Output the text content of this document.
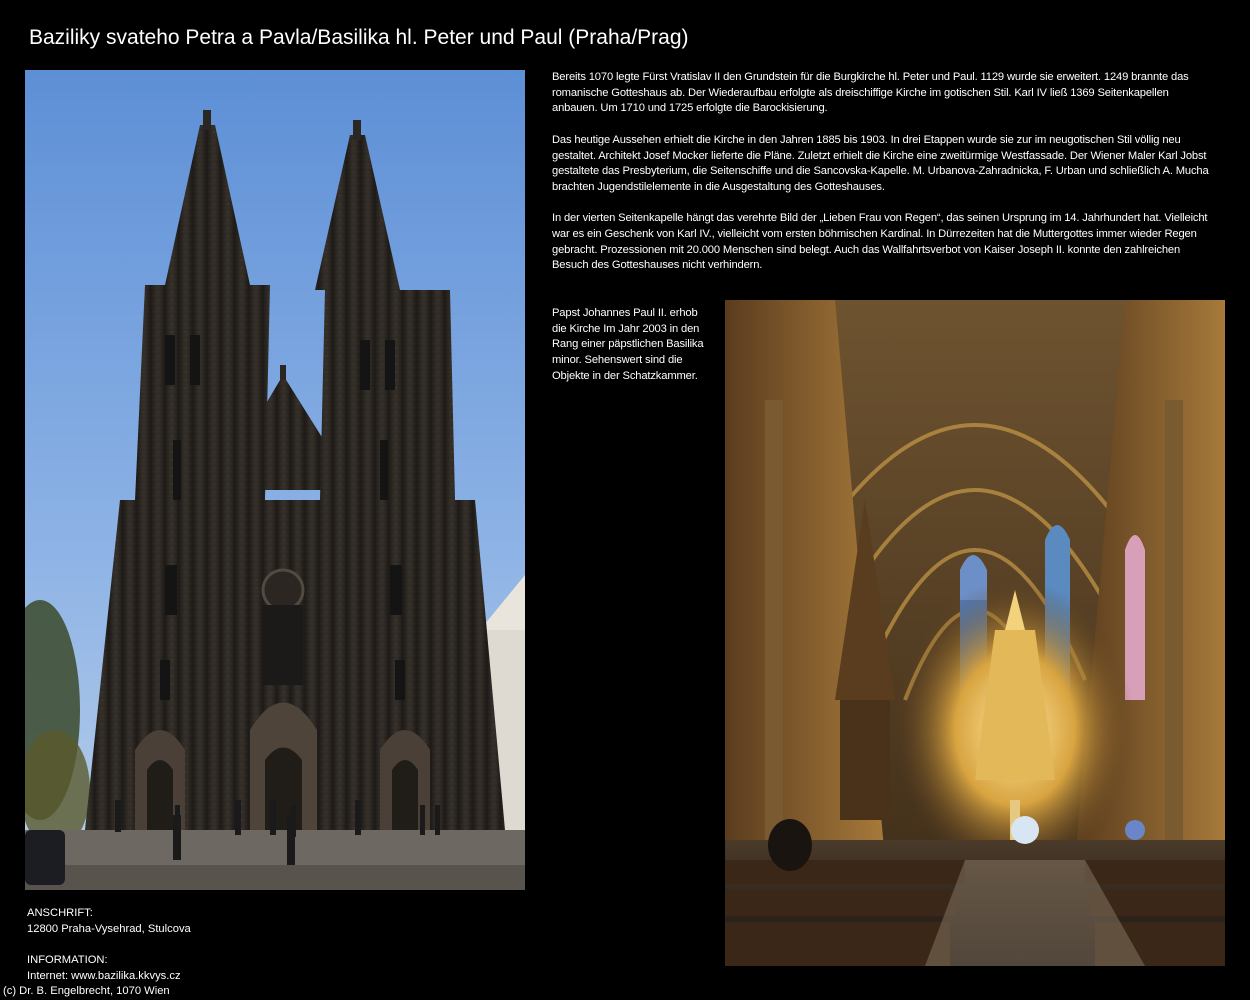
Baziliky svateho Petra a Pavla/Basilika hl. Peter und Paul (Praha/Prag)

Bereits 1070 legte Fürst Vratislav II den Grundstein für die Burgkirche hl. Peter und Paul. 1129 wurde sie erweitert. 1249 brannte das romanische Gotteshaus ab. Der Wiederaufbau erfolgte als dreischiffige Kirche im gotischen Stil. Karl IV ließ 1369 Seitenkapellen anbauen. Um 1710 und 1725 erfolgte die Barockisierung.

Das heutige Aussehen erhielt die Kirche in den Jahren 1885 bis 1903. In drei Etappen wurde sie zur im neugotischen Stil völlig neu gestaltet. Architekt Josef Mocker lieferte die Pläne. Zuletzt erhielt die Kirche eine zweitürmige Westfassade. Der Wiener Maler Karl Jobst gestaltete das Presbyterium, die Seitenschiffe und die Sancovska-Kapelle. M. Urbanova-Zahradnicka, F. Urban und schließlich A. Mucha brachten Jugendstilelemente in die Ausgestaltung des Gotteshauses.

In der vierten Seitenkapelle hängt das verehrte Bild der „Lieben Frau von Regen“, das seinen Ursprung im 14. Jahrhundert hat. Vielleicht war es ein Geschenk von Karl IV., vielleicht vom ersten böhmischen Kardinal. In Dürrezeiten hat die Muttergottes immer wieder Regen gebracht. Prozessionen mit 20.000 Menschen sind belegt. Auch das Wallfahrtsverbot von Kaiser Joseph II. konnte den zahlreichen Besuch des Gotteshauses nicht verhindern.

Papst Johannes Paul II. erhob die Kirche Im Jahr 2003 in den Rang einer päpstlichen Basilika minor. Sehenswert sind die Objekte in der Schatzkammer.

ANSCHRIFT:
12800 Praha-Vysehrad, Stulcova
INFORMATION:
Internet: www.bazilika.kkvys.cz
(c) Dr. B. Engelbrecht, 1070 Wien
